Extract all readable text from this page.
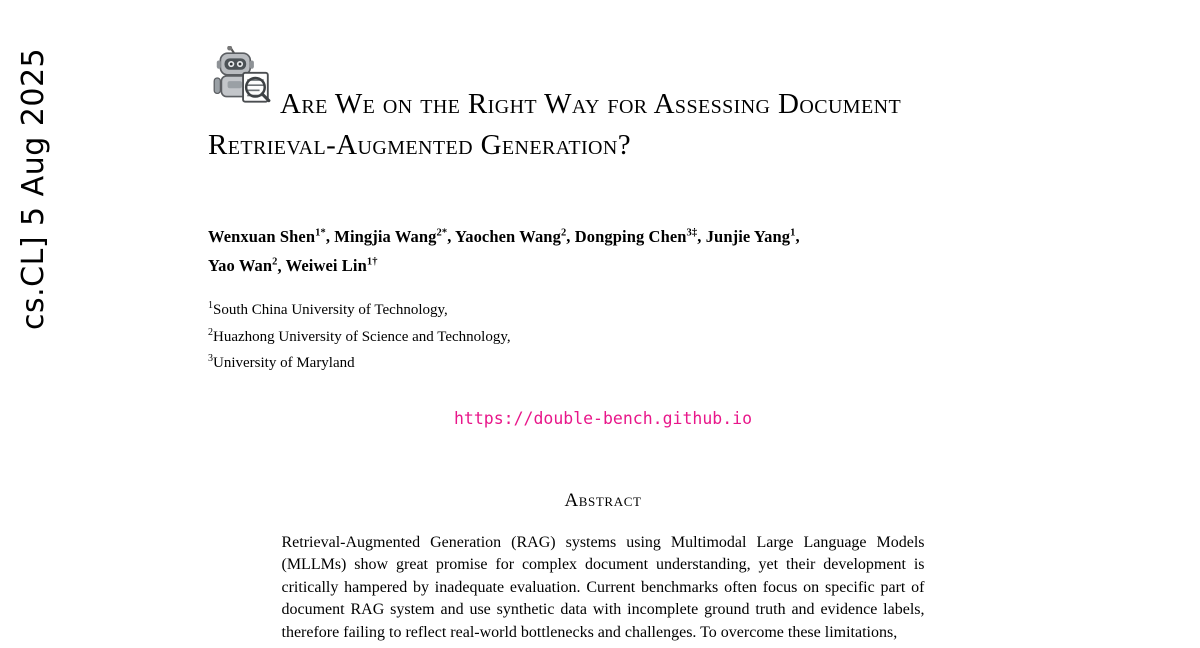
cs.CL] 5 Aug 2025	Are We on the Right Way for Assessing Document Retrieval-Augmented Generation?
Wenxuan Shen$^{1*}$, Mingjia Wang$^{2*}$, Yaochen Wang$^2$, Dongping Chen$^{3\ddagger}$, Junjie Yang$^1$,
Yao Wan$^2$, Weiwei Lin$^{1\dagger}$
$^1$South China University of Technology,
$^2$Huazhong University of Science and Technology,
$^3$University of Maryland
https://double-bench.github.io
Abstract

Retrieval-Augmented Generation (RAG) systems using Multimodal Large Language Models (MLLMs) show great promise for complex document understanding, yet their development is critically hampered by inadequate evaluation. Current benchmarks often focus on specific part of document RAG system and use synthetic data with incomplete ground truth and evidence labels, therefore failing to reflect real-world bottlenecks and challenges. To overcome these limitations,
